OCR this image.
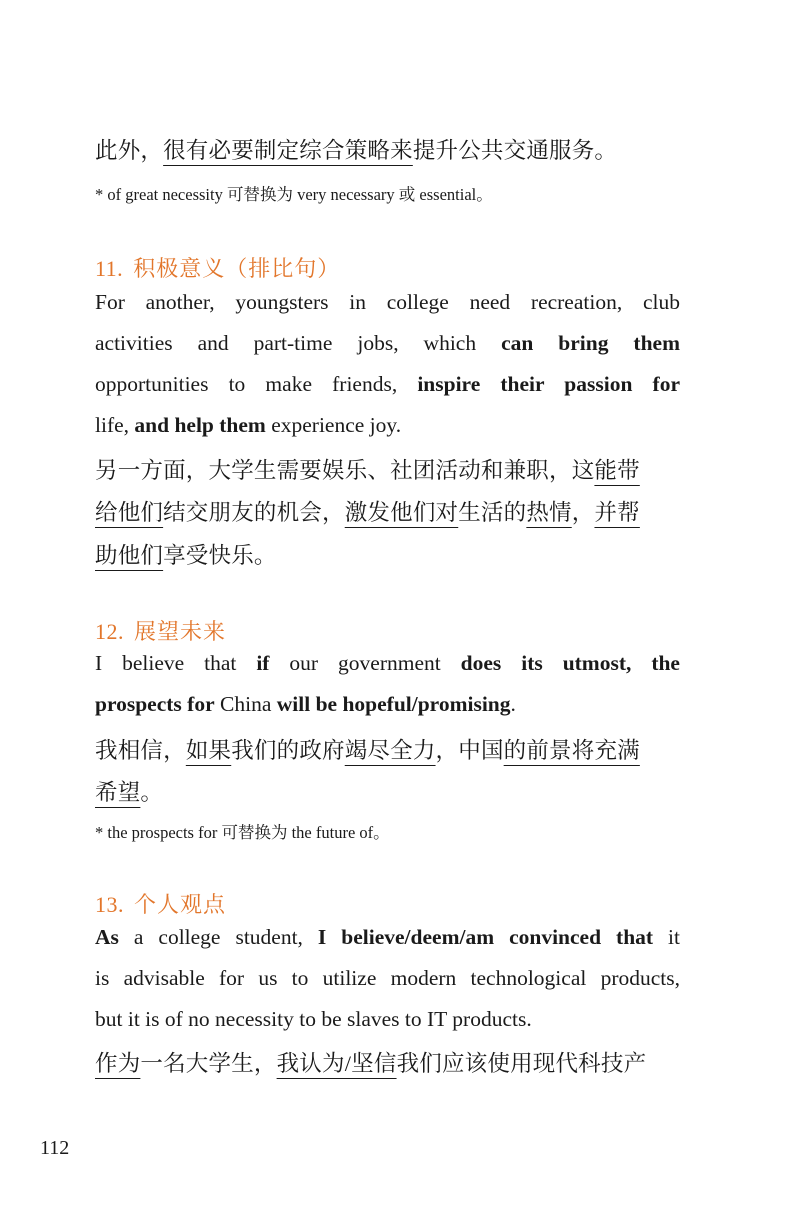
此外，很有必要制定综合策略来提升公共交通服务。
* of great necessity 可替换为 very necessary 或 essential。
11. 积极意义（排比句）
For another, youngsters in college need recreation, club
activities and part-time jobs, which can bring them
opportunities to make friends, inspire their passion for
life, and help them experience joy.
另一方面，大学生需要娱乐、社团活动和兼职，这能带
给他们结交朋友的机会，激发他们对生活的热情，并帮
助他们享受快乐。
12. 展望未来
I believe that if our government does its utmost, the
prospects for China will be hopeful/promising.
我相信，如果我们的政府竭尽全力，中国的前景将充满
希望。
* the prospects for 可替换为 the future of。
13. 个人观点
As a college student, I believe/deem/am convinced that it
is advisable for us to utilize modern technological products,
but it is of no necessity to be slaves to IT products.
作为一名大学生，我认为/坚信我们应该使用现代科技产
112
